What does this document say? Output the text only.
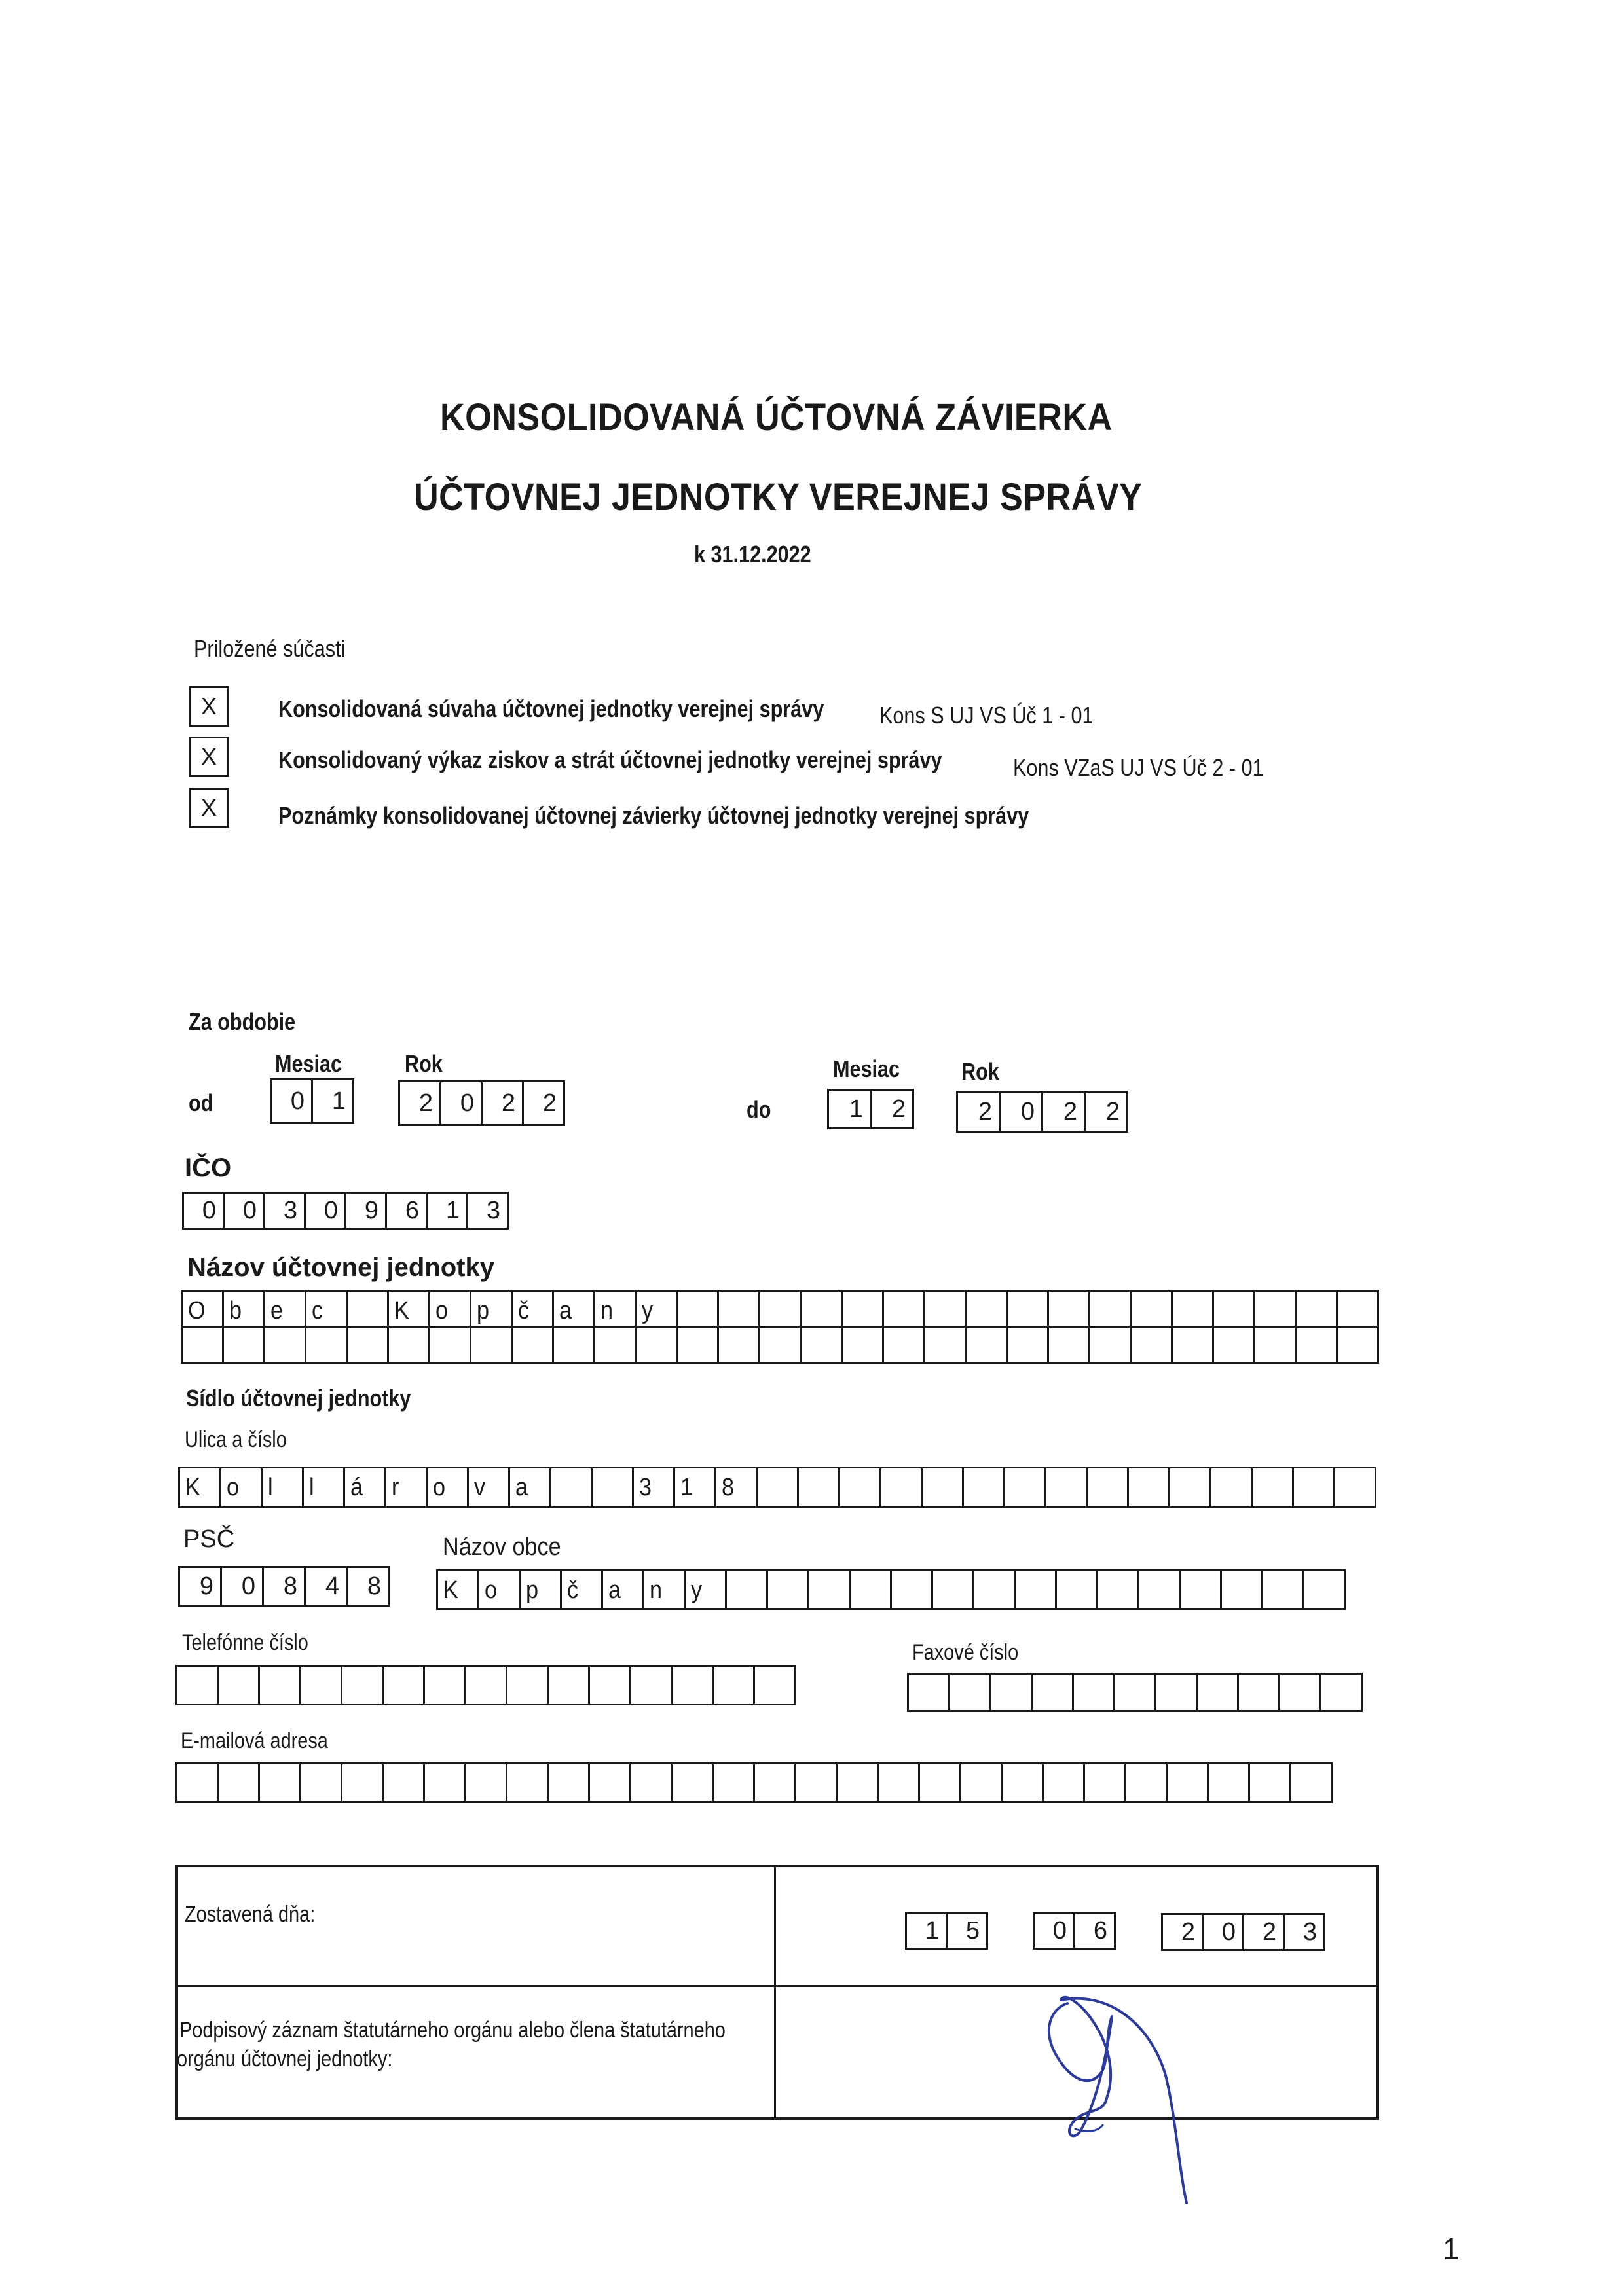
KONSOLIDOVANÁ ÚČTOVNÁ ZÁVIERKA
ÚČTOVNEJ JEDNOTKY VEREJNEJ SPRÁVY
k 31.12.2022
Priložené súčasti
X	Konsolidovaná súvaha účtovnej jednotky verejnej správy Kons S UJ VS Úč 1 - 01
X	Konsolidovaný výkaz ziskov a strát účtovnej jednotky verejnej správy	Kons VZaS UJ VS Úč 2 - 01
X	Poznámky konsolidovanej účtovnej závierky účtovnej jednotky verejnej správy
Za obdobie
Mesiac	Rok
od	0 1	2 0 2 2
Mesiac	Rok
do	1 2	2 0 2 2
IČO
0 0 3 0 9 6 1 3
Názov účtovnej jednotky
O b e c	K o p č a n y
Sídlo účtovnej jednotky
Ulica a číslo
K o l l á r o v a	3 1 8
PSČ
9 0 8 4 8
Názov obce
K o p č a n y
Telefónne číslo	Faxové číslo
E-mailová adresa
Zostavená dňa:
1 5	0 6	2 0 2 3
Podpisový záznam štatutárneho orgánu alebo člena štatutárneho
orgánu účtovnej jednotky:
1
